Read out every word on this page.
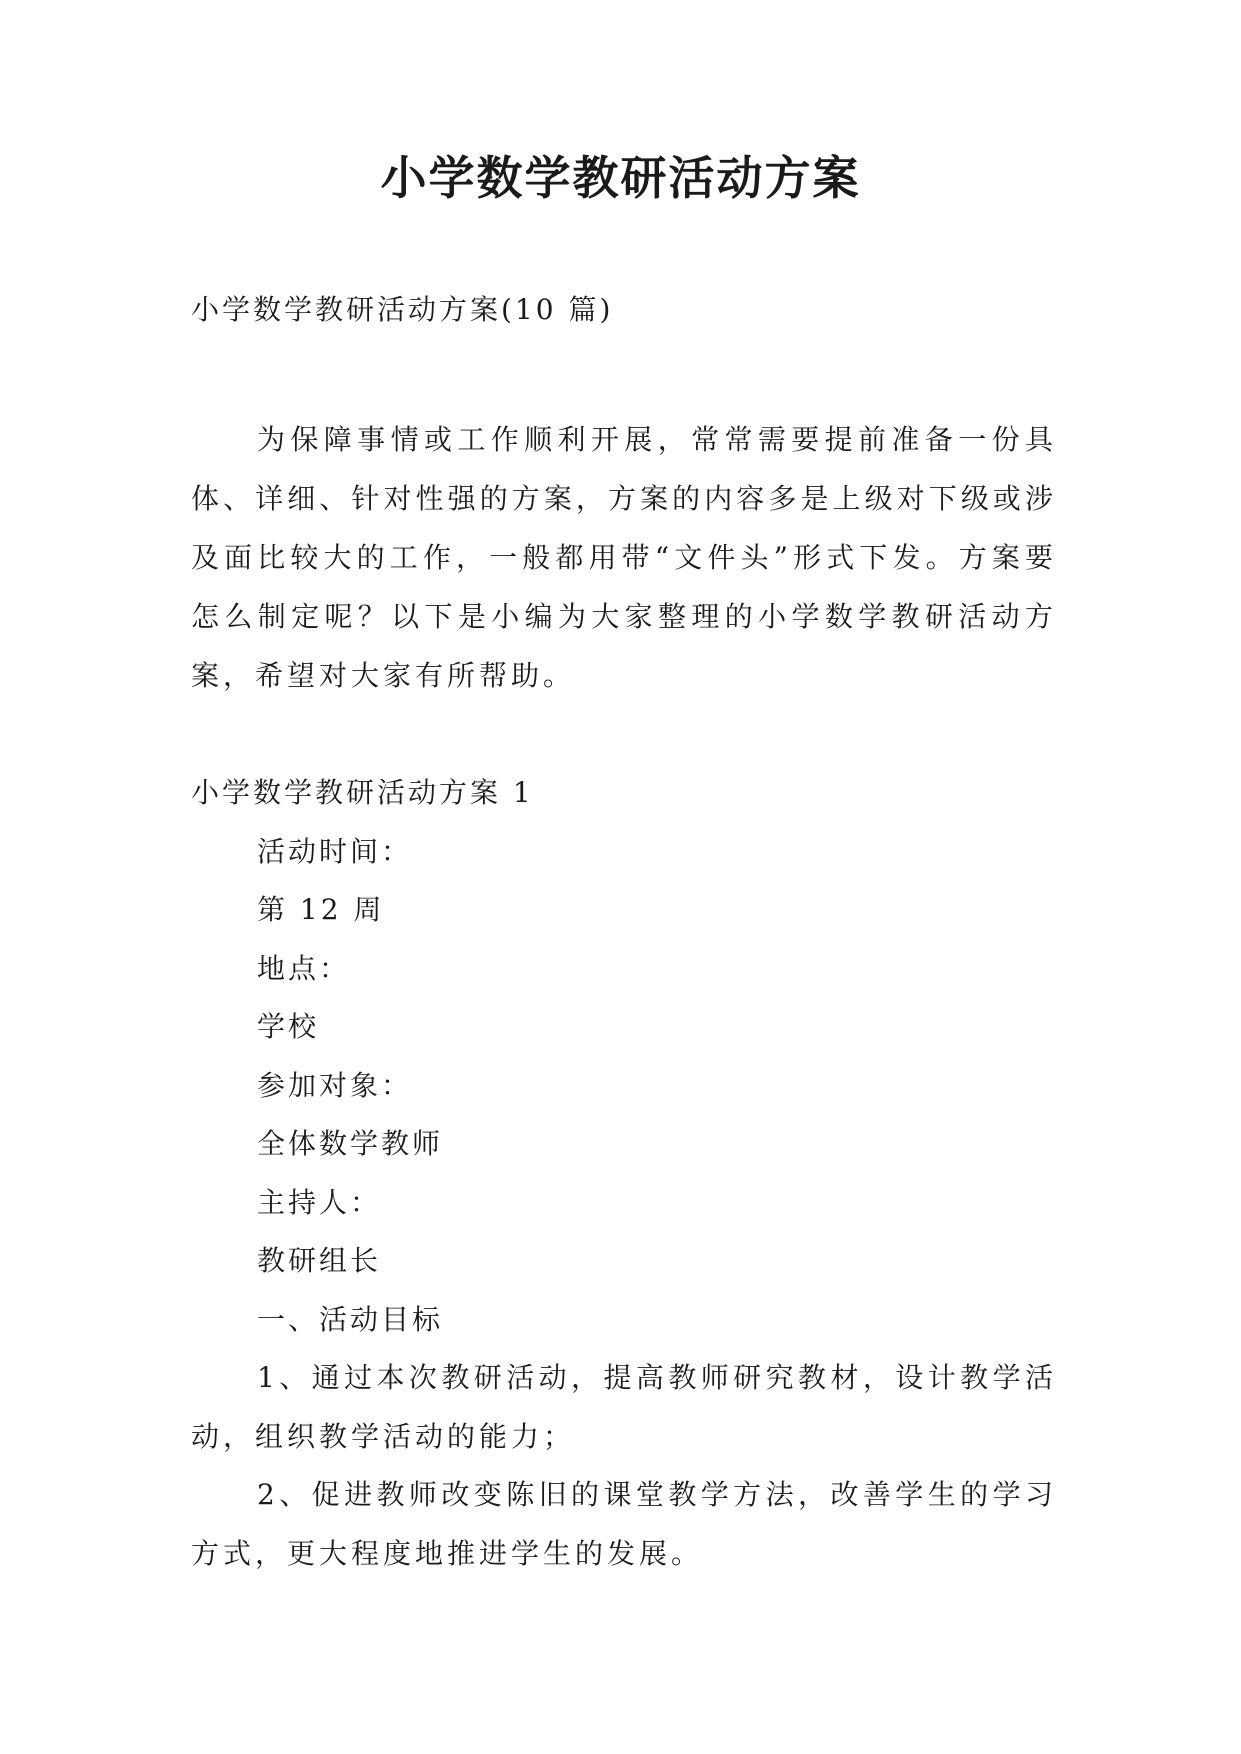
小学数学教研活动方案
小学数学教研活动方案(10 篇)

为保障事情或工作顺利开展，常常需要提前准备一份具体、详细、针对性强的方案，方案的内容多是上级对下级或涉及面比较大的工作，一般都用带“文件头”形式下发。方案要怎么制定呢？以下是小编为大家整理的小学数学教研活动方案，希望对大家有所帮助。

小学数学教研活动方案 1

活动时间：

第 12 周

地点：

学校

参加对象：

全体数学教师

主持人：

教研组长

一、活动目标

1、通过本次教研活动，提高教师研究教材，设计教学活动，组织教学活动的能力；

2、促进教师改变陈旧的课堂教学方法，改善学生的学习方式，更大程度地推进学生的发展。
